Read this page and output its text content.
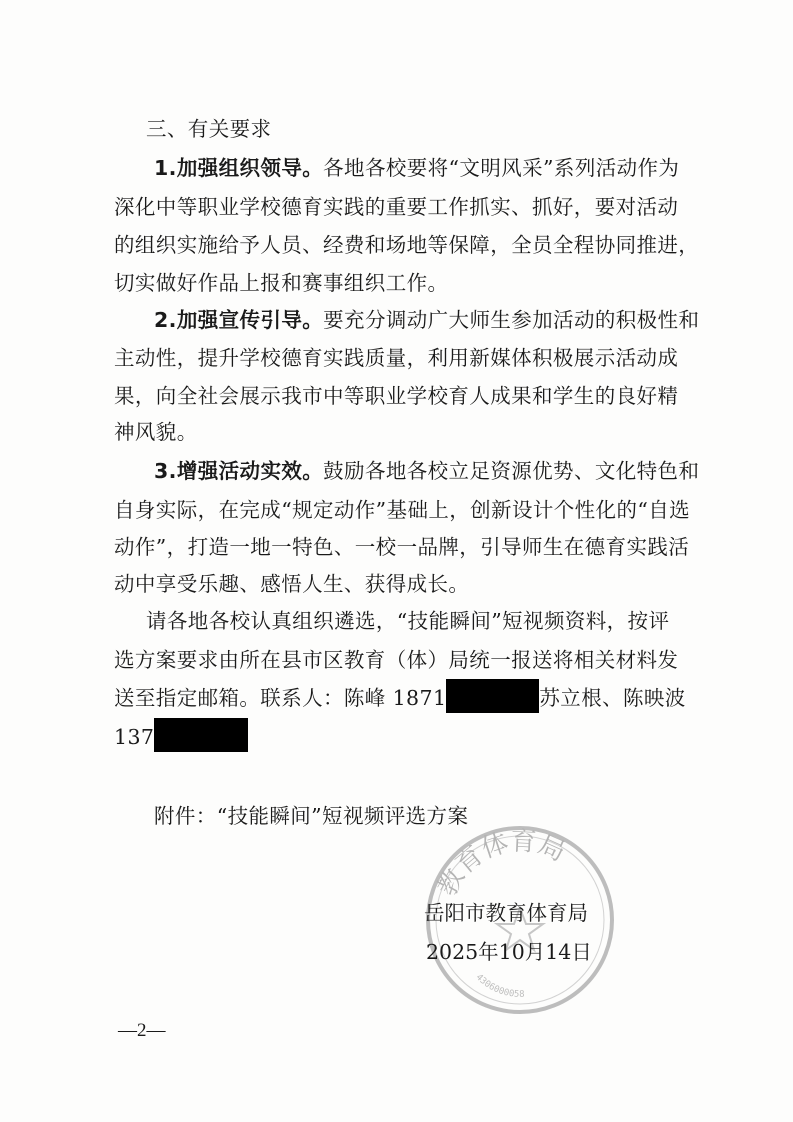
三、有关要求
1.加强组织领导。各地各校要将“文明风采”系列活动作为
深化中等职业学校德育实践的重要工作抓实、抓好，要对活动
的组织实施给予人员、经费和场地等保障，全员全程协同推进，
切实做好作品上报和赛事组织工作。
2.加强宣传引导。要充分调动广大师生参加活动的积极性和
主动性，提升学校德育实践质量，利用新媒体积极展示活动成
果，向全社会展示我市中等职业学校育人成果和学生的良好精
神风貌。
3.增强活动实效。鼓励各地各校立足资源优势、文化特色和
自身实际，在完成“规定动作”基础上，创新设计个性化的“自选
动作”，打造一地一特色、一校一品牌，引导师生在德育实践活
动中享受乐趣、感悟人生、获得成长。
请各地各校认真组织遴选，“技能瞬间”短视频资料，按评
选方案要求由所在县市区教育（体）局统一报送将相关材料发
送至指定邮箱。联系人：陈峰 1871	苏立根、陈映波
137
附件：“技能瞬间”短视频评选方案
教育体育局
4306000058
岳阳市教育体育局
2025年10月14日
—2—
